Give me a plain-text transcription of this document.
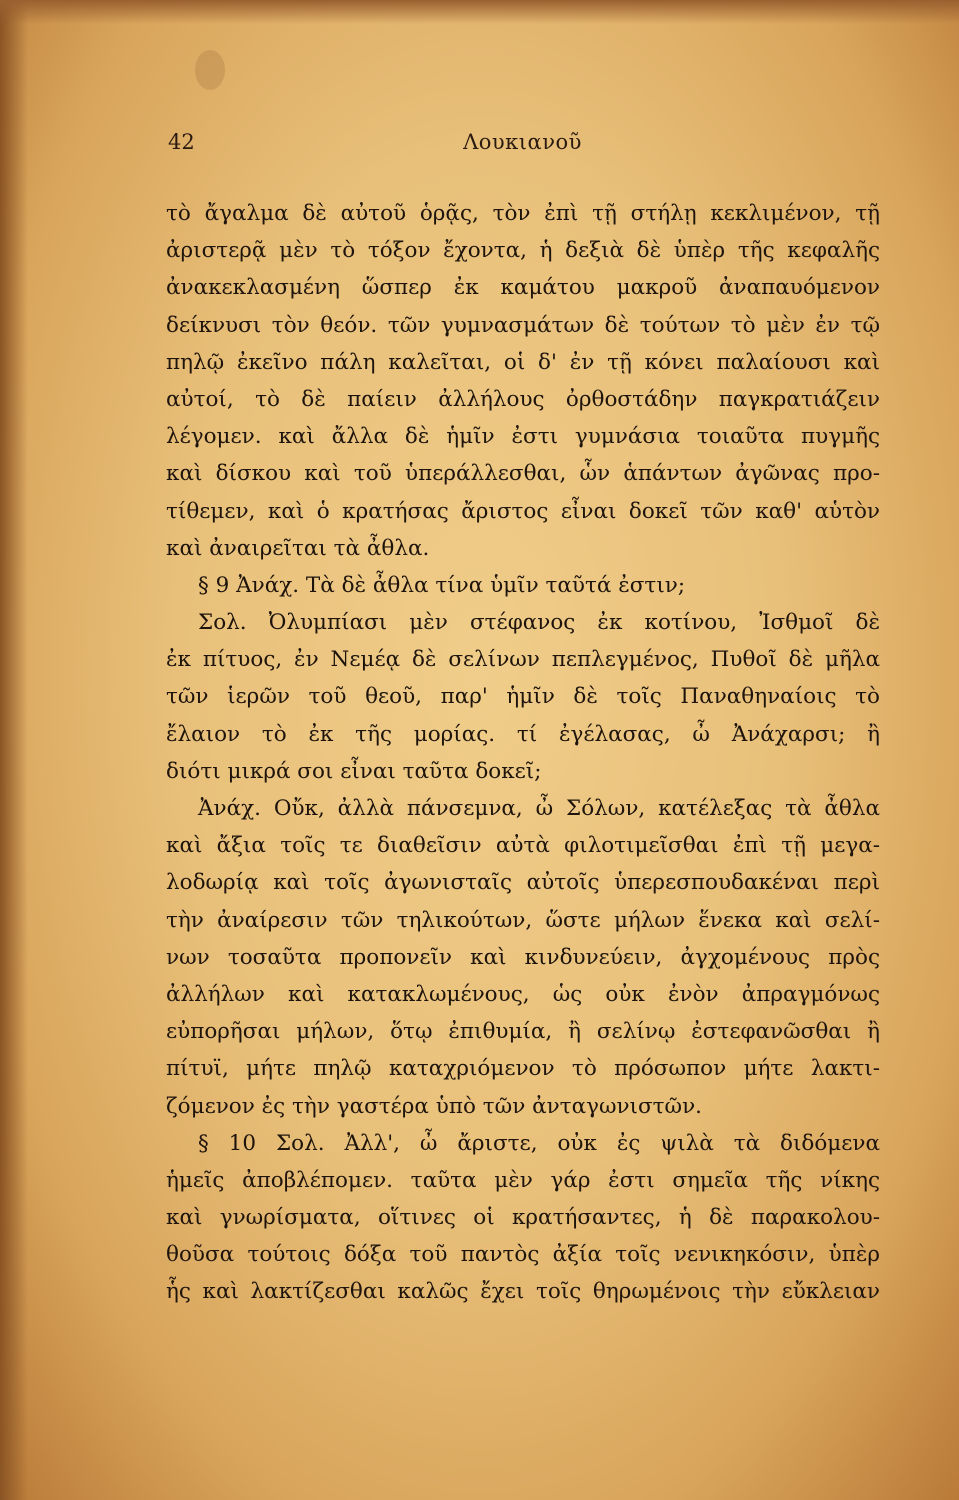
42	Λουκιανοῦ
τὸ ἄγαλμα δὲ αὐτοῦ ὁρᾷς, τὸν ἐπὶ τῇ στήλῃ κεκλιμένον, τῇ
ἀριστερᾷ μὲν τὸ τόξον ἔχοντα, ἡ δεξιὰ δὲ ὑπὲρ τῆς κεφαλῆς
ἀνακεκλασμένη ὥσπερ ἐκ καμάτου μακροῦ ἀναπαυόμενον
δείκνυσι τὸν θεόν. τῶν γυμνασμάτων δὲ τούτων τὸ μὲν ἐν τῷ
πηλῷ ἐκεῖνο πάλη καλεῖται, οἱ δ' ἐν τῇ κόνει παλαίουσι καὶ
αὐτοί, τὸ δὲ παίειν ἀλλήλους ὀρθοστάδην παγκρατιάζειν
λέγομεν. καὶ ἄλλα δὲ ἡμῖν ἐστι γυμνάσια τοιαῦτα πυγμῆς
καὶ δίσκου καὶ τοῦ ὑπεράλλεσθαι, ὧν ἁπάντων ἀγῶνας προ-
τίθεμεν, καὶ ὁ κρατήσας ἄριστος εἶναι δοκεῖ τῶν καθ' αὑτὸν
καὶ ἀναιρεῖται τὰ ἆθλα.
§ 9 Ἀνάχ. Τὰ δὲ ἆθλα τίνα ὑμῖν ταῦτά ἐστιν;
Σολ. Ὀλυμπίασι μὲν στέφανος ἐκ κοτίνου, Ἰσθμοῖ δὲ
ἐκ πίτυος, ἐν Νεμέᾳ δὲ σελίνων πεπλεγμένος, Πυθοῖ δὲ μῆλα
τῶν ἱερῶν τοῦ θεοῦ, παρ' ἡμῖν δὲ τοῖς Παναθηναίοις τὸ
ἔλαιον τὸ ἐκ τῆς μορίας. τί ἐγέλασας, ὦ Ἀνάχαρσι; ἢ
διότι μικρά σοι εἶναι ταῦτα δοκεῖ;
Ἀνάχ. Οὔκ, ἀλλὰ πάνσεμνα, ὦ Σόλων, κατέλεξας τὰ ἆθλα
καὶ ἄξια τοῖς τε διαθεῖσιν αὐτὰ φιλοτιμεῖσθαι ἐπὶ τῇ μεγα-
λοδωρίᾳ καὶ τοῖς ἀγωνισταῖς αὐτοῖς ὑπερεσπουδακέναι περὶ
τὴν ἀναίρεσιν τῶν τηλικούτων, ὥστε μήλων ἕνεκα καὶ σελί-
νων τοσαῦτα προπονεῖν καὶ κινδυνεύειν, ἀγχομένους πρὸς
ἀλλήλων καὶ κατακλωμένους, ὡς οὐκ ἐνὸν ἀπραγμόνως
εὐπορῆσαι μήλων, ὅτῳ ἐπιθυμία, ἢ σελίνῳ ἐστεφανῶσθαι ἢ
πίτυϊ, μήτε πηλῷ καταχριόμενον τὸ πρόσωπον μήτε λακτι-
ζόμενον ἐς τὴν γαστέρα ὑπὸ τῶν ἀνταγωνιστῶν.
§ 10 Σολ. Ἀλλ', ὦ ἄριστε, οὐκ ἐς ψιλὰ τὰ διδόμενα
ἡμεῖς ἀποβλέπομεν. ταῦτα μὲν γάρ ἐστι σημεῖα τῆς νίκης
καὶ γνωρίσματα, οἵτινες οἱ κρατήσαντες, ἡ δὲ παρακολου-
θοῦσα τούτοις δόξα τοῦ παντὸς ἀξία τοῖς νενικηκόσιν, ὑπὲρ
ἧς καὶ λακτίζεσθαι καλῶς ἔχει τοῖς θηρωμένοις τὴν εὔκλειαν
